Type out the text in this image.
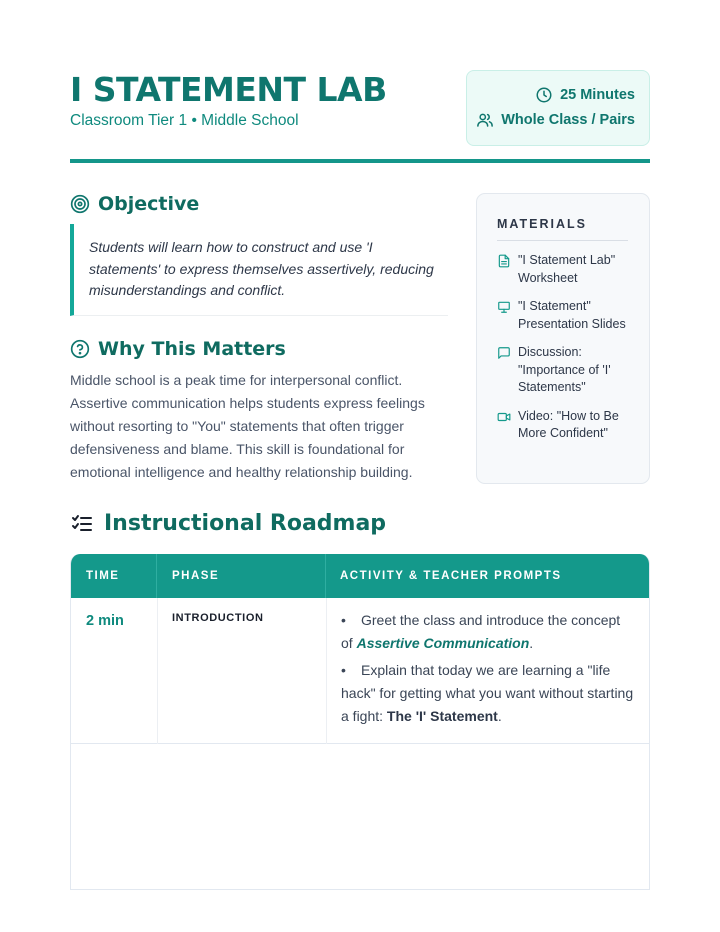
I STATEMENT LAB
Classroom Tier 1 • Middle School
25 Minutes
Whole Class / Pairs
Objective
Students will learn how to construct and use 'I statements' to express themselves assertively, reducing misunderstandings and conflict.
Why This Matters
Middle school is a peak time for interpersonal conflict. Assertive communication helps students express feelings without resorting to "You" statements that often trigger defensiveness and blame. This skill is foundational for emotional intelligence and healthy relationship building.
MATERIALS
"I Statement Lab" Worksheet
"I Statement" Presentation Slides
Discussion: "Importance of 'I' Statements"
Video: "How to Be More Confident"
Instructional Roadmap
TIME	PHASE	ACTIVITY & TEACHER PROMPTS
2 min	INTRODUCTION	• Greet the class and introduce the concept of Assertive Communication.
• Explain that today we are learning a "life hack" for getting what you want without starting a fight: The 'I' Statement.
